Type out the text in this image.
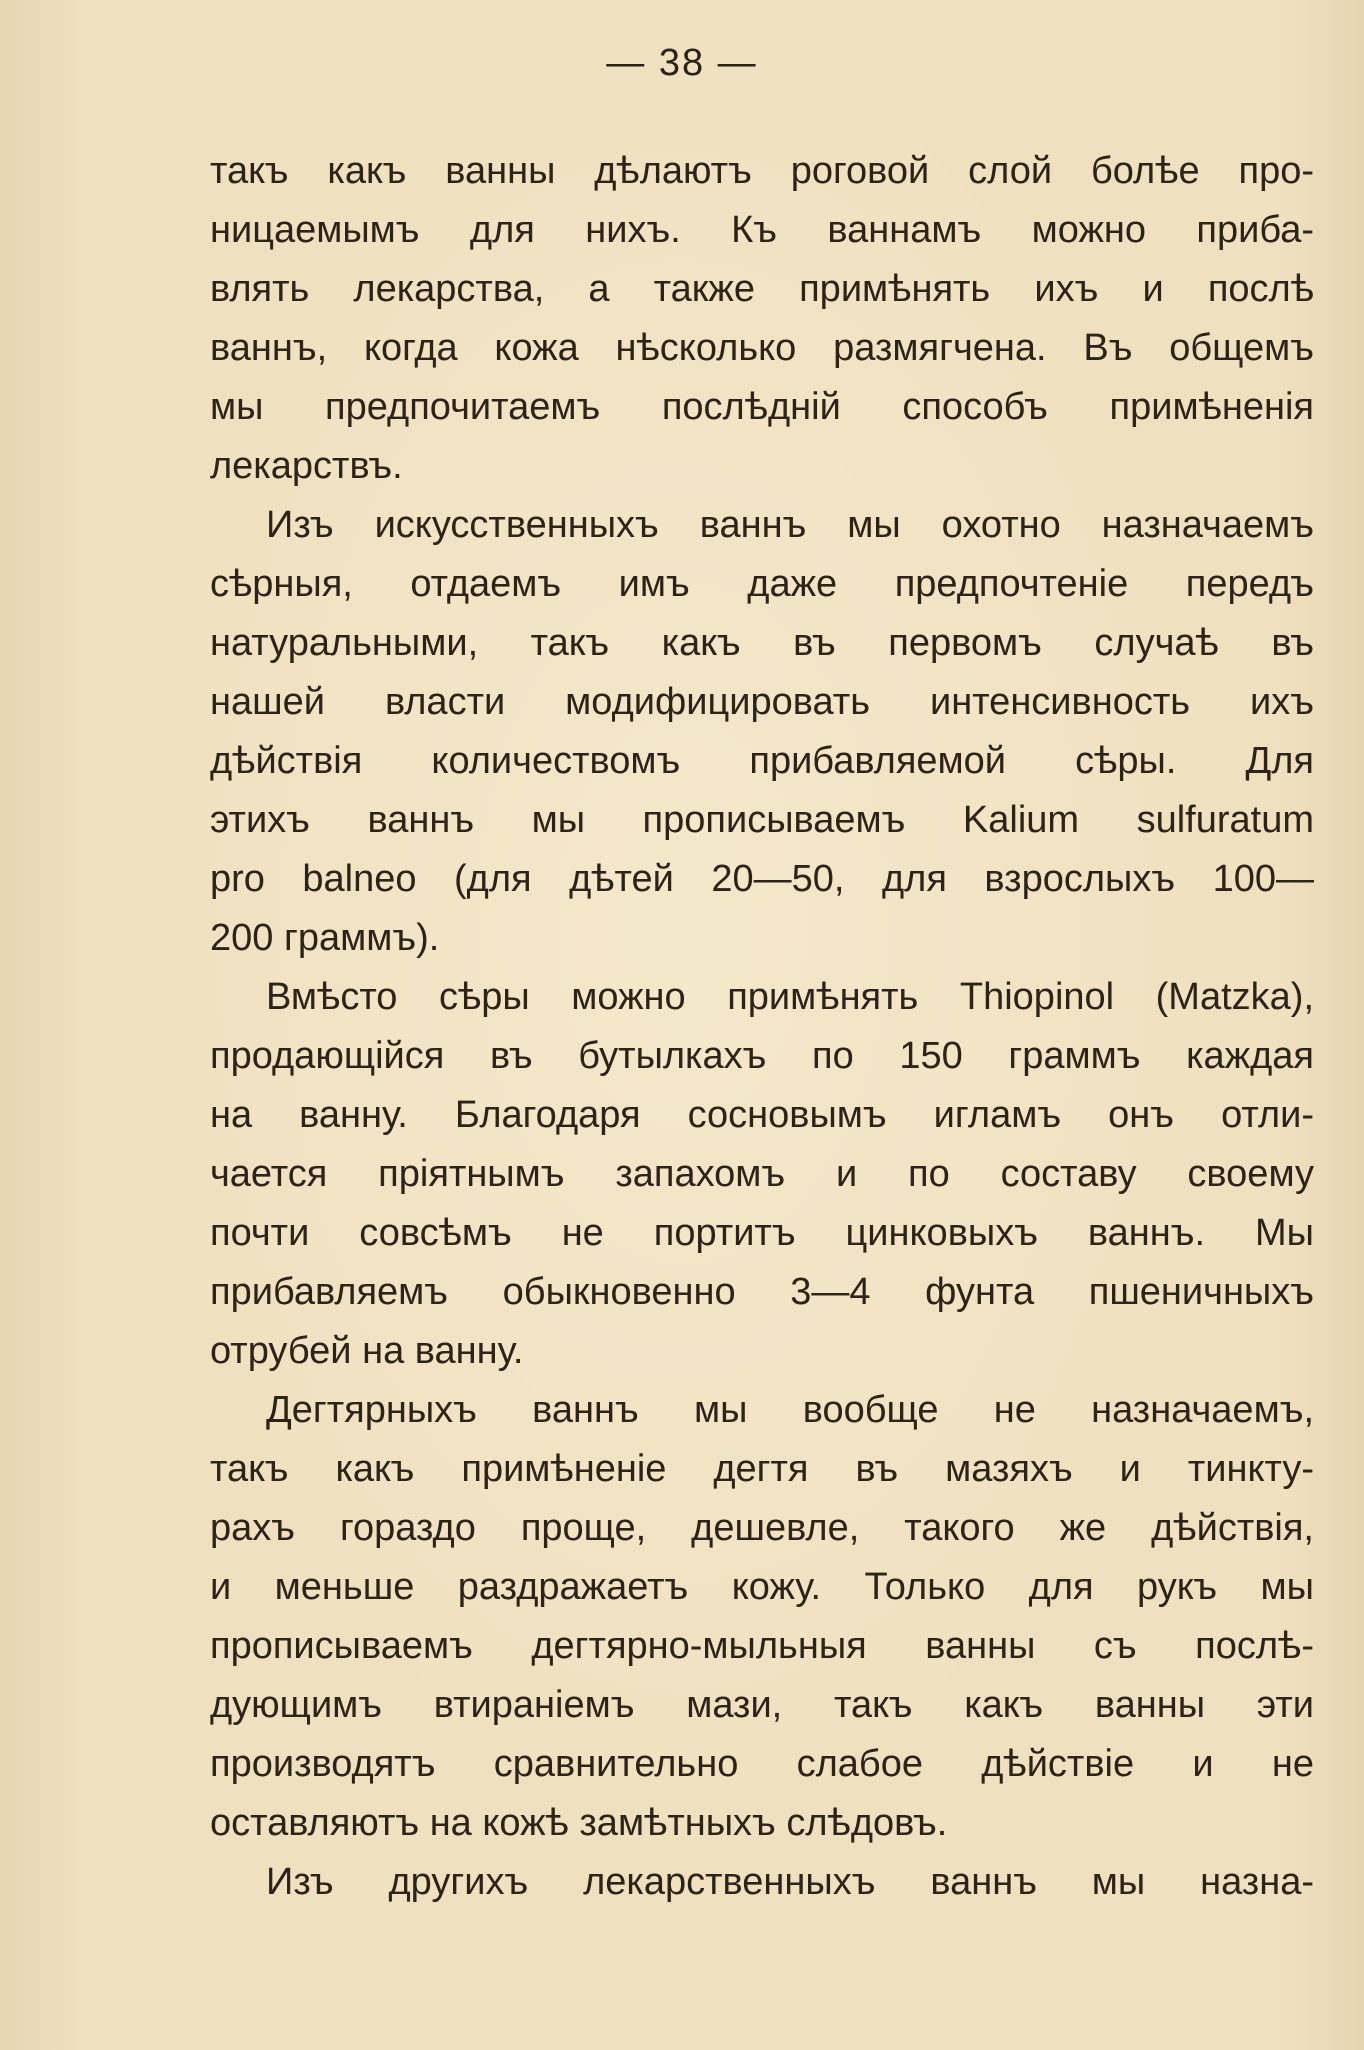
— 38 —
такъ какъ ванны дѣлаютъ роговой слой болѣе про-
ницаемымъ для нихъ. Къ ваннамъ можно приба-
влять лекарства, а также примѣнять ихъ и послѣ
ваннъ, когда кожа нѣсколько размягчена. Въ общемъ
мы предпочитаемъ послѣдній способъ примѣненія
лекарствъ.
Изъ искусственныхъ ваннъ мы охотно назначаемъ
сѣрныя, отдаемъ имъ даже предпочтеніе передъ
натуральными, такъ какъ въ первомъ случаѣ въ
нашей власти модифицировать интенсивность ихъ
дѣйствія количествомъ прибавляемой сѣры. Для
этихъ ваннъ мы прописываемъ Kalium sulfuratum
pro balneo (для дѣтей 20—50, для взрослыхъ 100—
200 граммъ).
Вмѣсто сѣры можно примѣнять Thiopinol (Matzka),
продающійся въ бутылкахъ по 150 граммъ каждая
на ванну. Благодаря сосновымъ игламъ онъ отли-
чается пріятнымъ запахомъ и по составу своему
почти совсѣмъ не портитъ цинковыхъ ваннъ. Мы
прибавляемъ обыкновенно 3—4 фунта пшеничныхъ
отрубей на ванну.
Дегтярныхъ ваннъ мы вообще не назначаемъ,
такъ какъ примѣненіе дегтя въ мазяхъ и тинкту-
рахъ гораздо проще, дешевле, такого же дѣйствія,
и меньше раздражаетъ кожу. Только для рукъ мы
прописываемъ дегтярно-мыльныя ванны съ послѣ-
дующимъ втираніемъ мази, такъ какъ ванны эти
производятъ сравнительно слабое дѣйствіе и не
оставляютъ на кожѣ замѣтныхъ слѣдовъ.
Изъ другихъ лекарственныхъ ваннъ мы назна-
